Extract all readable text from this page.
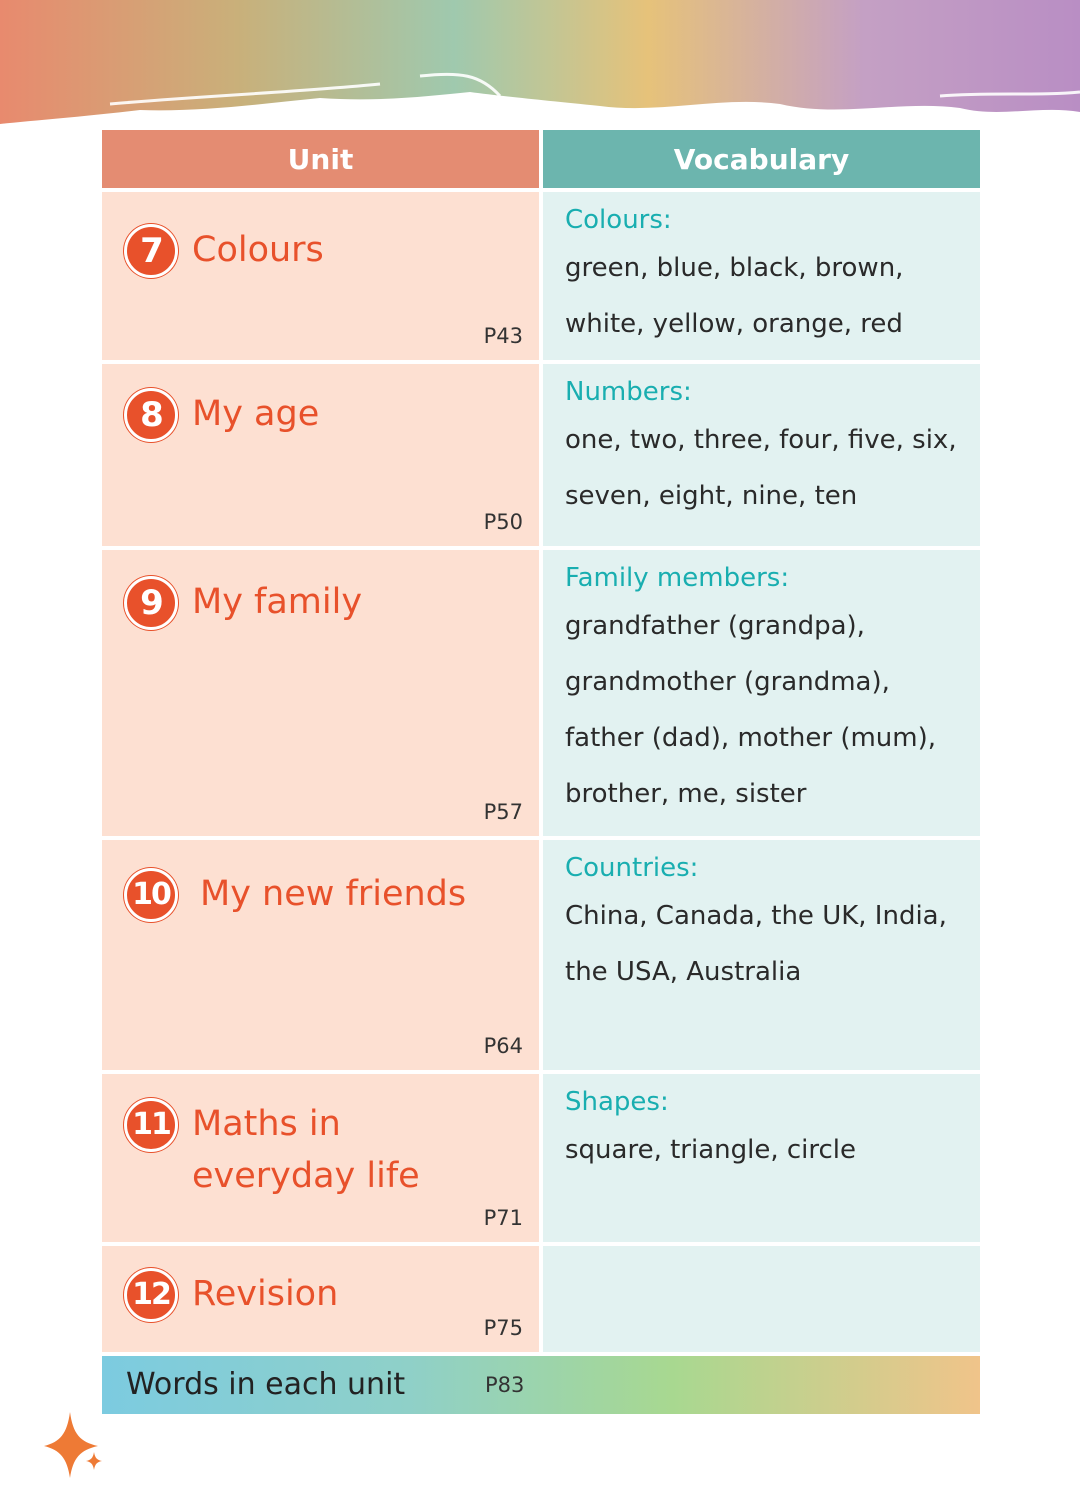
Unit	Vocabulary
7 Colours
P43
Colours:
green, blue, black, brown,
white, yellow, orange, red
8 My age
P50
Numbers:
one, two, three, four, five, six,
seven, eight, nine, ten
9 My family
P57
Family members:
grandfather (grandpa),
grandmother (grandma),
father (dad), mother (mum),
brother, me, sister
10 My new friends
P64
Countries:
China, Canada, the UK, India,
the USA, Australia
11 Maths in everyday life
P71
Shapes:
square, triangle, circle
12 Revision
P75
Words in each unit	P83
